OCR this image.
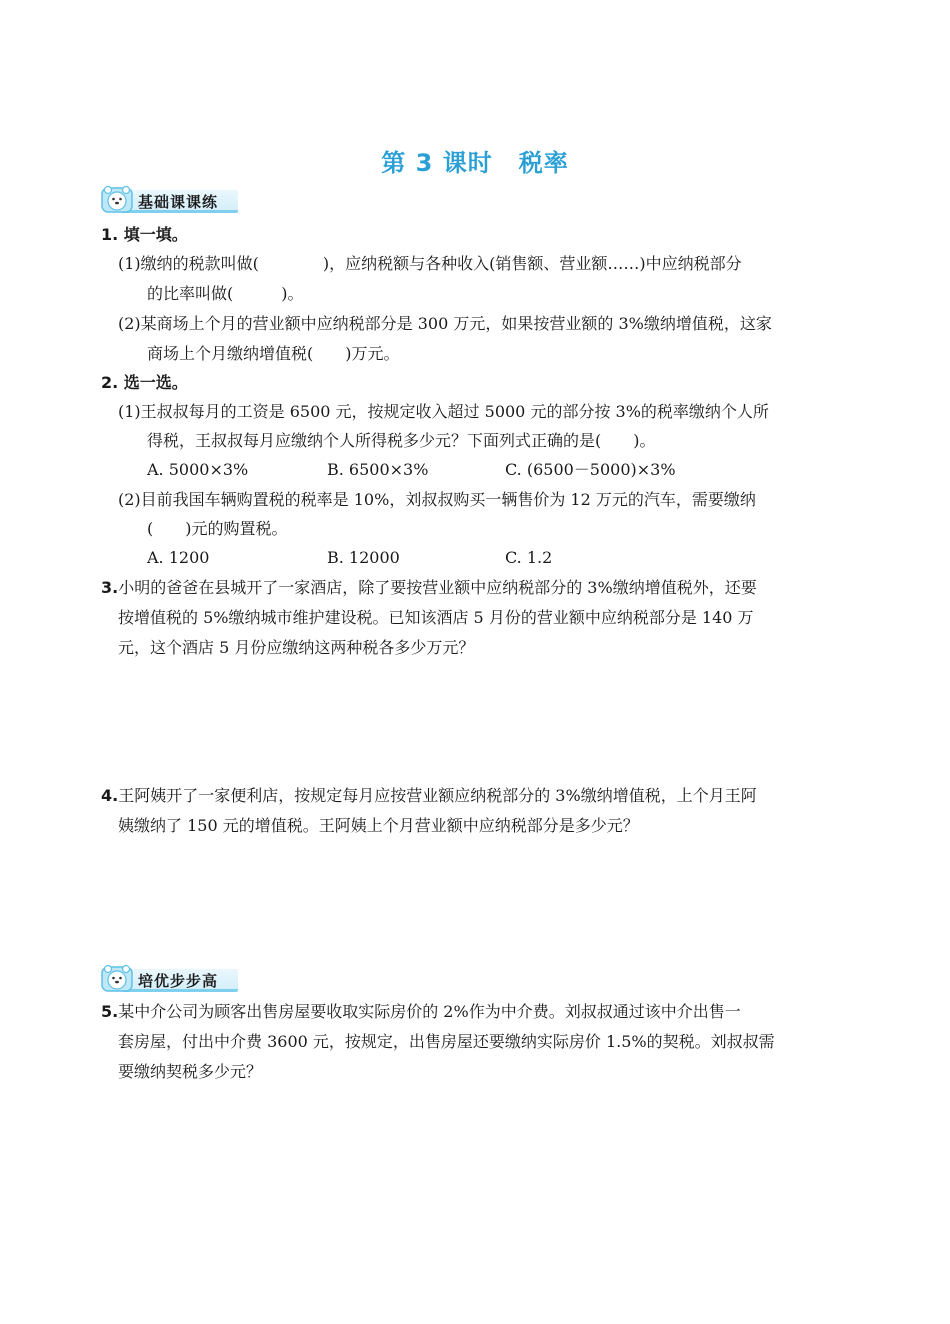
第 3 课时 税率
基础课课练
1. 填一填。
(1)缴纳的税款叫做(　　　　)，应纳税额与各种收入(销售额、营业额……)中应纳税部分
的比率叫做(　　　)。
(2)某商场上个月的营业额中应纳税部分是 300 万元，如果按营业额的 3%缴纳增值税，这家
商场上个月缴纳增值税(　　)万元。
2. 选一选。
(1)王叔叔每月的工资是 6500 元，按规定收入超过 5000 元的部分按 3%的税率缴纳个人所
得税，王叔叔每月应缴纳个人所得税多少元？下面列式正确的是(　　)。
A. 5000×3%	B. 6500×3%	C. (6500－5000)×3%
(2)目前我国车辆购置税的税率是 10%，刘叔叔购买一辆售价为 12 万元的汽车，需要缴纳
(　　)元的购置税。
A. 1200	B. 12000	C. 1.2
3.小明的爸爸在县城开了一家酒店，除了要按营业额中应纳税部分的 3%缴纳增值税外，还要
按增值税的 5%缴纳城市维护建设税。已知该酒店 5 月份的营业额中应纳税部分是 140 万
元，这个酒店 5 月份应缴纳这两种税各多少万元？
4.王阿姨开了一家便利店，按规定每月应按营业额应纳税部分的 3%缴纳增值税，上个月王阿
姨缴纳了 150 元的增值税。王阿姨上个月营业额中应纳税部分是多少元？
培优步步高
5.某中介公司为顾客出售房屋要收取实际房价的 2%作为中介费。刘叔叔通过该中介出售一
套房屋，付出中介费 3600 元，按规定，出售房屋还要缴纳实际房价 1.5%的契税。刘叔叔需
要缴纳契税多少元？
